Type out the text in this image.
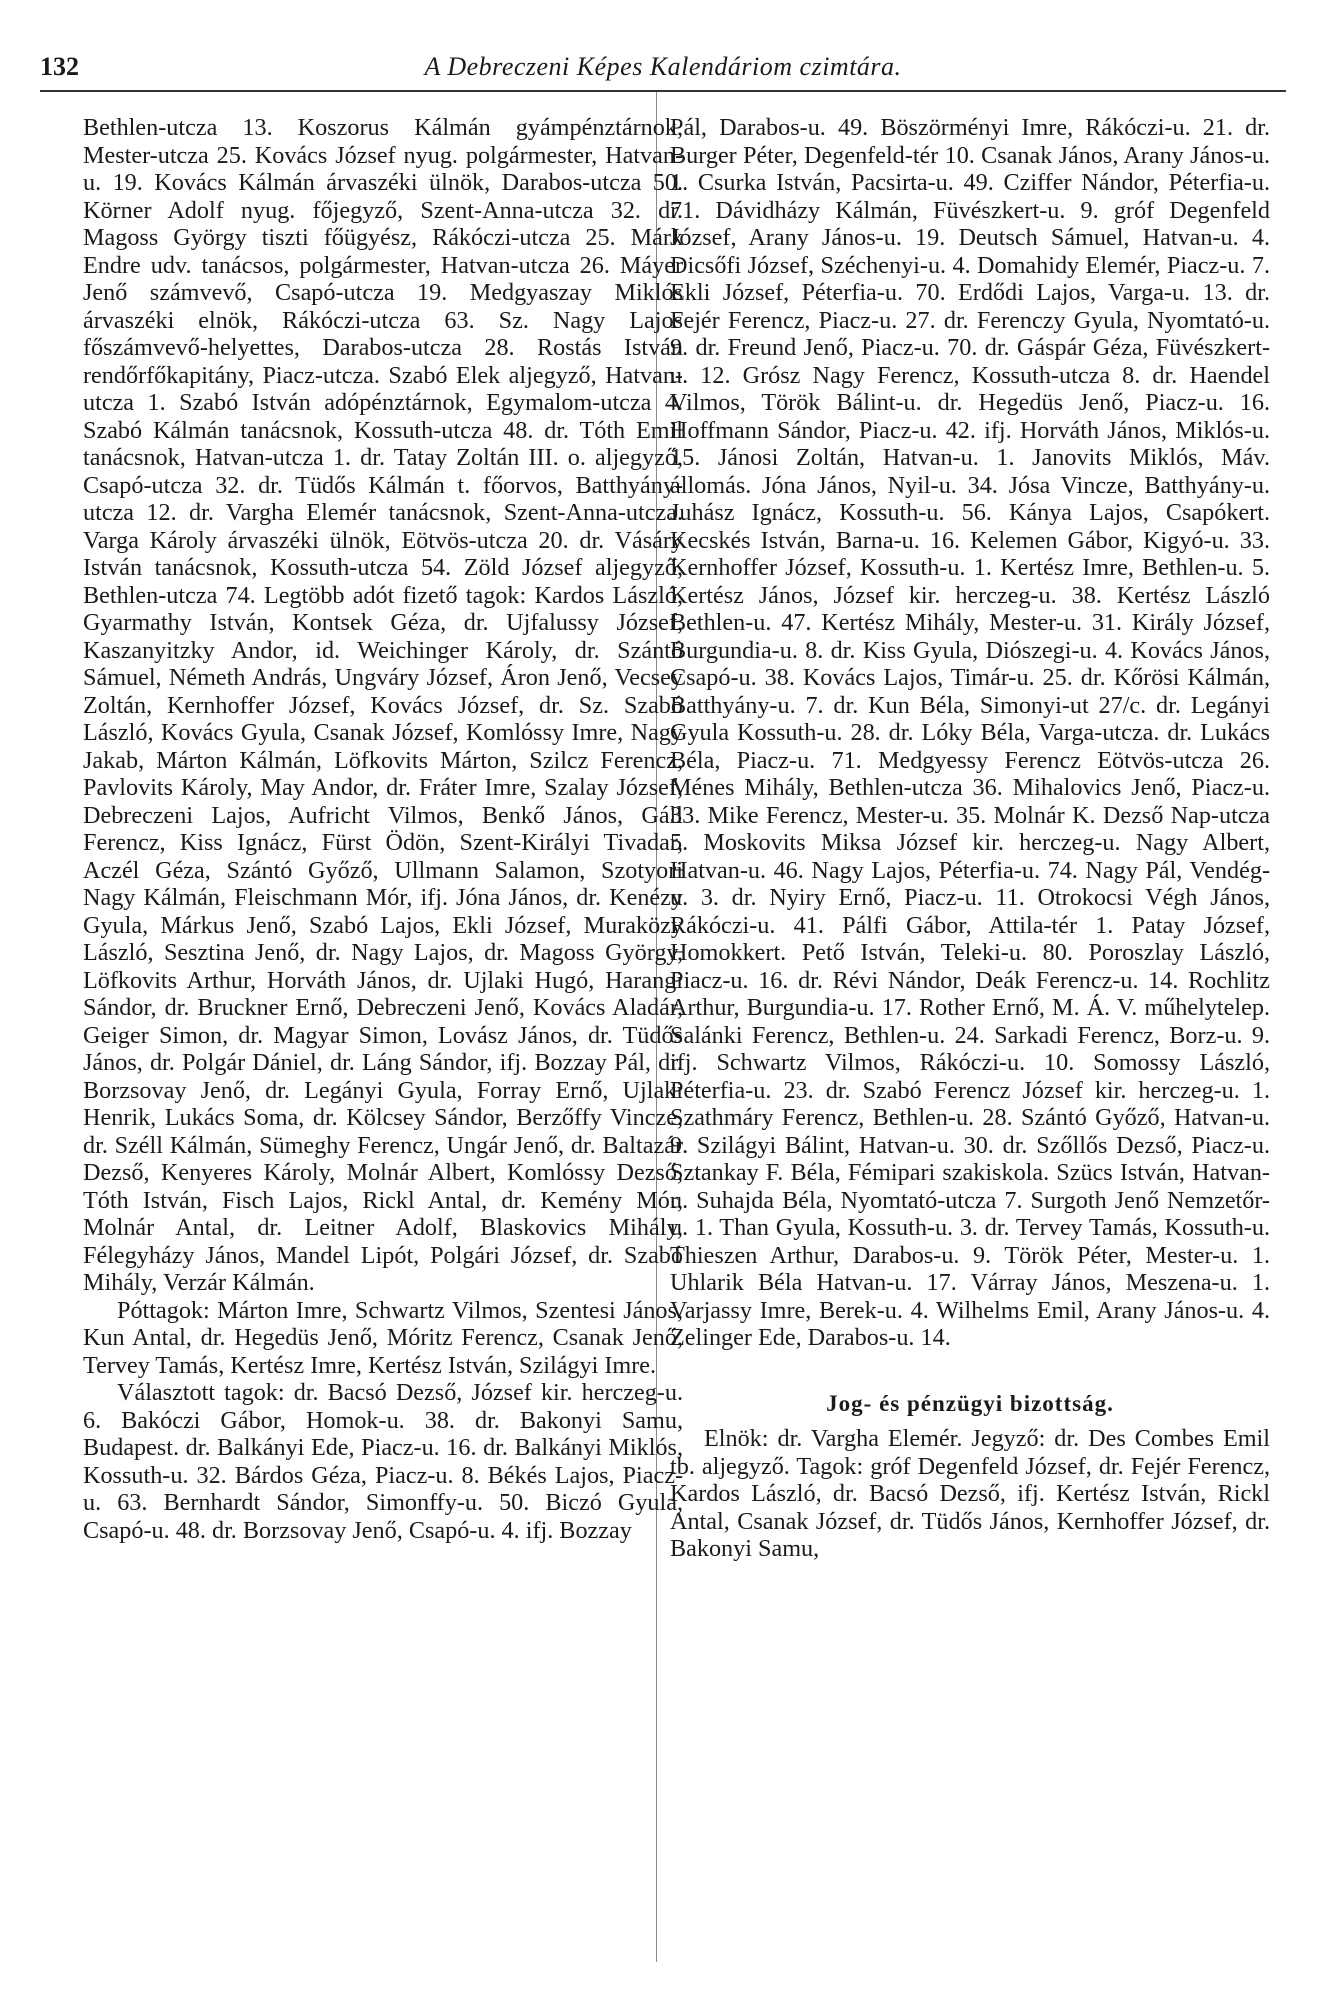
132	A Debreczeni Képes Kalendáriom czimtára.

Bethlen-utcza 13. Koszorus Kálmán gyámpénztárnok, Mester-utcza 25. Kovács József nyug. polgármester, Hatvan-u. 19. Kovács Kálmán árvaszéki ülnök, Darabos-utcza 50. Körner Adolf nyug. főjegyző, Szent-Anna-utcza 32. dr. Magoss György tiszti főügyész, Rákóczi-utcza 25. Márk Endre udv. tanácsos, polgármester, Hatvan-utcza 26. Máyer Jenő számvevő, Csapó-utcza 19. Medgyaszay Miklós árvaszéki elnök, Rákóczi-utcza 63. Sz. Nagy Lajos főszámvevő-helyettes, Darabos-utcza 28. Rostás István rendőrfőkapitány, Piacz-utcza. Szabó Elek aljegyző, Hatvan-utcza 1. Szabó István adópénztárnok, Egymalom-utcza 4. Szabó Kálmán tanácsnok, Kossuth-utcza 48. dr. Tóth Emil tanácsnok, Hatvan-utcza 1. dr. Tatay Zoltán III. o. aljegyző, Csapó-utcza 32. dr. Tüdős Kálmán t. főorvos, Batthyány-utcza 12. dr. Vargha Elemér tanácsnok, Szent-Anna-utcza. Varga Károly árvaszéki ülnök, Eötvös-utcza 20. dr. Vásáry István tanácsnok, Kossuth-utcza 54. Zöld József aljegyző, Bethlen-utcza 74. Legtöbb adót fizető tagok: Kardos László, Gyarmathy István, Kontsek Géza, dr. Ujfalussy József, Kaszanyitzky Andor, id. Weichinger Károly, dr. Szántó Sámuel, Németh András, Ungváry József, Áron Jenő, Vecsey Zoltán, Kernhoffer József, Kovács József, dr. Sz. Szabó László, Kovács Gyula, Csanak József, Komlóssy Imre, Nagy Jakab, Márton Kálmán, Löfkovits Márton, Szilcz Ferencz, Pavlovits Károly, May Andor, dr. Fráter Imre, Szalay József, Debreczeni Lajos, Aufricht Vilmos, Benkő János, Gáll Ferencz, Kiss Ignácz, Fürst Ödön, Szent-Királyi Tivadar, Aczél Géza, Szántó Győző, Ullmann Salamon, Szotyori Nagy Kálmán, Fleischmann Mór, ifj. Jóna János, dr. Kenézy Gyula, Márkus Jenő, Szabó Lajos, Ekli József, Muraközy László, Sesztina Jenő, dr. Nagy Lajos, dr. Magoss György, Löfkovits Arthur, Horváth János, dr. Ujlaki Hugó, Harangi Sándor, dr. Bruckner Ernő, Debreczeni Jenő, Kovács Aladár, Geiger Simon, dr. Magyar Simon, Lovász János, dr. Tüdős János, dr. Polgár Dániel, dr. Láng Sándor, ifj. Bozzay Pál, dr. Borzsovay Jenő, dr. Legányi Gyula, Forray Ernő, Ujlaki Henrik, Lukács Soma, dr. Kölcsey Sándor, Berzőffy Vincze, dr. Széll Kálmán, Sümeghy Ferencz, Ungár Jenő, dr. Baltazár Dezső, Kenyeres Károly, Molnár Albert, Komlóssy Dezső, Tóth István, Fisch Lajos, Rickl Antal, dr. Kemény Mór, Molnár Antal, dr. Leitner Adolf, Blaskovics Mihály, Félegyházy János, Mandel Lipót, Polgári József, dr. Szabó Mihály, Verzár Kálmán.

Póttagok: Márton Imre, Schwartz Vilmos, Szentesi János, Kun Antal, dr. Hegedüs Jenő, Móritz Ferencz, Csanak Jenő, Tervey Tamás, Kertész Imre, Kertész István, Szilágyi Imre.

Választott tagok: dr. Bacsó Dezső, József kir. herczeg-u. 6. Bakóczi Gábor, Homok-u. 38. dr. Bakonyi Samu, Budapest. dr. Balkányi Ede, Piacz-u. 16. dr. Balkányi Miklós, Kossuth-u. 32. Bárdos Géza, Piacz-u. 8. Békés Lajos, Piacz-u. 63. Bernhardt Sándor, Simonffy-u. 50. Biczó Gyula, Csapó-u. 48. dr. Borzsovay Jenő, Csapó-u. 4. ifj. Bozzay

Pál, Darabos-u. 49. Böszörményi Imre, Rákóczi-u. 21. dr. Burger Péter, Degenfeld-tér 10. Csanak János, Arany János-u. 1. Csurka István, Pacsirta-u. 49. Cziffer Nándor, Péterfia-u. 71. Dávidházy Kálmán, Füvészkert-u. 9. gróf Degenfeld József, Arany János-u. 19. Deutsch Sámuel, Hatvan-u. 4. Dicsőfi József, Széchenyi-u. 4. Domahidy Elemér, Piacz-u. 7. Ekli József, Péterfia-u. 70. Erdődi Lajos, Varga-u. 13. dr. Fejér Ferencz, Piacz-u. 27. dr. Ferenczy Gyula, Nyomtató-u. 9. dr. Freund Jenő, Piacz-u. 70. dr. Gáspár Géza, Füvészkert-u. 12. Grósz Nagy Ferencz, Kossuth-utcza 8. dr. Haendel Vilmos, Török Bálint-u. dr. Hegedüs Jenő, Piacz-u. 16. Hoffmann Sándor, Piacz-u. 42. ifj. Horváth János, Miklós-u. 15. Jánosi Zoltán, Hatvan-u. 1. Janovits Miklós, Máv. állomás. Jóna János, Nyil-u. 34. Jósa Vincze, Batthyány-u. Juhász Ignácz, Kossuth-u. 56. Kánya Lajos, Csapókert. Kecskés István, Barna-u. 16. Kelemen Gábor, Kigyó-u. 33. Kernhoffer József, Kossuth-u. 1. Kertész Imre, Bethlen-u. 5. Kertész János, József kir. herczeg-u. 38. Kertész László Bethlen-u. 47. Kertész Mihály, Mester-u. 31. Király József, Burgundia-u. 8. dr. Kiss Gyula, Diószegi-u. 4. Kovács János, Csapó-u. 38. Kovács Lajos, Timár-u. 25. dr. Kőrösi Kálmán, Batthyány-u. 7. dr. Kun Béla, Simonyi-ut 27/c. dr. Legányi Gyula Kossuth-u. 28. dr. Lóky Béla, Varga-utcza. dr. Lukács Béla, Piacz-u. 71. Medgyessy Ferencz Eötvös-utcza 26. Ménes Mihály, Bethlen-utcza 36. Mihalovics Jenő, Piacz-u. 33. Mike Ferencz, Mester-u. 35. Molnár K. Dezső Nap-utcza 5. Moskovits Miksa József kir. herczeg-u. Nagy Albert, Hatvan-u. 46. Nagy Lajos, Péterfia-u. 74. Nagy Pál, Vendég-u. 3. dr. Nyiry Ernő, Piacz-u. 11. Otrokocsi Végh János, Rákóczi-u. 41. Pálfi Gábor, Attila-tér 1. Patay József, Homokkert. Pető István, Teleki-u. 80. Poroszlay László, Piacz-u. 16. dr. Révi Nándor, Deák Ferencz-u. 14. Rochlitz Arthur, Burgundia-u. 17. Rother Ernő, M. Á. V. műhelytelep. Salánki Ferencz, Bethlen-u. 24. Sarkadi Ferencz, Borz-u. 9. ifj. Schwartz Vilmos, Rákóczi-u. 10. Somossy László, Péterfia-u. 23. dr. Szabó Ferencz József kir. herczeg-u. 1. Szathmáry Ferencz, Bethlen-u. 28. Szántó Győző, Hatvan-u. 9. Szilágyi Bálint, Hatvan-u. 30. dr. Szőllős Dezső, Piacz-u. Sztankay F. Béla, Fémipari szakiskola. Szücs István, Hatvan-u. Suhajda Béla, Nyomtató-utcza 7. Surgoth Jenő Nemzetőr-u. 1. Than Gyula, Kossuth-u. 3. dr. Tervey Tamás, Kossuth-u. Thieszen Arthur, Darabos-u. 9. Török Péter, Mester-u. 1. Uhlarik Béla Hatvan-u. 17. Várray János, Meszena-u. 1. Varjassy Imre, Berek-u. 4. Wilhelms Emil, Arany János-u. 4. Zelinger Ede, Darabos-u. 14.

Jog- és pénzügyi bizottság.

Elnök: dr. Vargha Elemér. Jegyző: dr. Des Combes Emil tb. aljegyző. Tagok: gróf Degenfeld József, dr. Fejér Ferencz, Kardos László, dr. Bacsó Dezső, ifj. Kertész István, Rickl Antal, Csanak József, dr. Tüdős János, Kernhoffer József, dr. Bakonyi Samu,
